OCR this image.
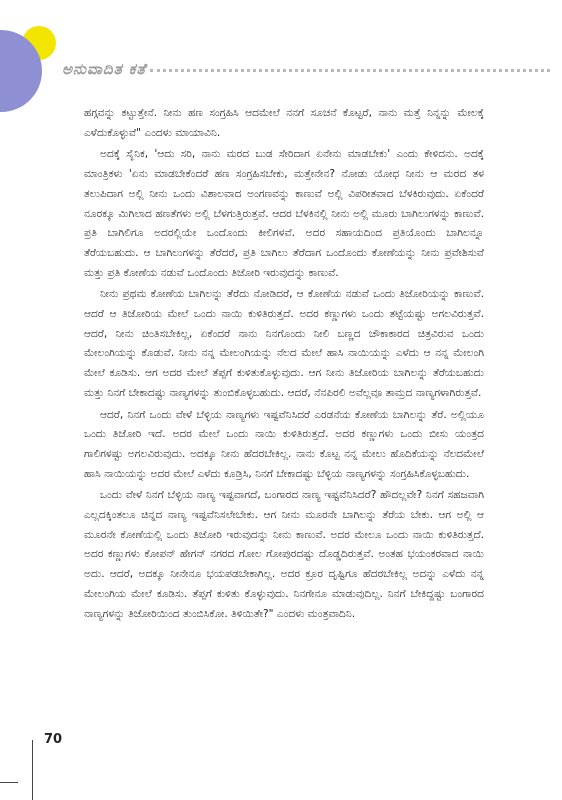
ಅನುವಾದಿತ ಕತೆ

ಹಗ್ಗವನ್ನು ಕಟ್ಟುತ್ತೇನೆ. ನೀನು ಹಣ ಸಂಗ್ರಹಿಸಿ ಆದಮೇಲೆ ನನಗೆ ಸೂಚನೆ ಕೊಟ್ಟರೆ, ನಾನು ಮತ್ತೆ ನಿನ್ನನ್ನು ಮೇಲಕ್ಕೆ ಎಳೆದುಕೊಳ್ಳುವೆ" ಎಂದಳು ಮಾಯಾವಿನಿ.

ಅದಕ್ಕೆ ಸೈನಿಕ, 'ಆದು ಸರಿ, ನಾನು ಮರದ ಬುಡ ಸೇರಿದಾಗ ಏನೇನು ಮಾಡಬೇಕು' ಎಂದು ಕೇಳಿದನು. ಅದಕ್ಕೆ ಮಾಂತ್ರಿಕಳು 'ಏನು ಮಾಡಬೇಕೆಂದರೆ ಹಣ ಸಂಗ್ರಹಿಸಬೇಕು, ಮತ್ತೇನೇನ? ನೋಡು ಯೋಧ ನೀನು ಆ ಮರದ ತಳ ತಲುಪಿದಾಗ ಅಲ್ಲಿ ನೀನು ಒಂದು ವಿಶಾಲವಾದ ಅಂಗಣವನ್ನು ಕಾಣುವೆ ಅಲ್ಲಿ ವಿಪರೀತವಾದ ಬೆಳಕಿರುವುದು. ಏಕೆಂದರೆ ನೂರಕ್ಕೂ ಮಿಗಿಲಾದ ಹಣತೆಗಳು ಅಲ್ಲಿ ಬೆಳಗುತ್ತಿರುತ್ತವೆ. ಆದರ ಬೆಳಕಿನಲ್ಲಿ ನೀನು ಅಲ್ಲಿ ಮೂರು ಬಾಗಿಲುಗಳನ್ನು ಕಾಣುವೆ. ಪ್ರತಿ ಬಾಗಿಲಿಗೂ ಅದರಲ್ಲಿಯೇ ಒಂದೊಂದು ಕೀಲಿಗಳವೆ. ಅದರ ಸಹಾಯದಿಂದ ಪ್ರತಿಯೊಂದು ಬಾಗಿಲನ್ನೂ ತೆರೆಯಬಹುದು. ಆ ಬಾಗಿಲುಗಳನ್ನು ತೆರೆದರೆ, ಪ್ರತಿ ಬಾಗಿಲು ತೆರೆದಾಗ ಒಂದೊಂದು ಕೋಣೆಯನ್ನು ನೀನು ಪ್ರವೇಶಿಸುವೆ ಮತ್ತು ಪ್ರತಿ ಕೋಣೆಯ ನಡುವೆ ಒಂದೊಂದು ತಿಜೋರಿ ಇರುವುದನ್ನು ಕಾಣುವೆ.

ನೀನು ಪ್ರಥಮ ಕೋಣೆಯ ಬಾಗಿಲನ್ನು ತೆರೆದು ನೋಡಿದರೆ, ಆ ಕೋಣೆಯ ನಡುವೆ ಒಂದು ತಿಜೋರಿಯನ್ನು ಕಾಣುವೆ. ಆದರೆ ಆ ತಿಜೋರಿಯ ಮೇಲೆ ಒಂದು ನಾಯಿ ಕುಳಿತಿರುತ್ತದೆ. ಅದರ ಕಣ್ಣುಗಳು ಒಂದು ತಟ್ಟೆಯಷ್ಟು ಅಗಲವಿರುತ್ತವೆ. ಆದರೆ, ನೀನು ಚಿಂತಿಸಬೇಕಿಲ್ಲ, ಏಕೆಂದರೆ ನಾನು ನಿನಗೊಂದು ನೀಲಿ ಬಣ್ಣದ ಚೌಕಾಕಾರದ ಚಿತ್ರವಿರುವ ಒಂದು ಮೇಲಂಗಿಯನ್ನು ಕೊಡುವೆ. ನೀನು ನನ್ನ ಮೇಲಂಗಿಯನ್ನು ನೆಲದ ಮೇಲೆ ಹಾಸಿ ನಾಯಿಯನ್ನು ಎಳೆದು ಆ ನನ್ನ ಮೇಲಂಗಿ ಮೇಲೆ ಕೂಡಿಸು. ಆಗ ಅದರ ಮೇಲೆ ತೆಪ್ಪಗೆ ಕುಳಿತುಕೊಳ್ಳುವುದು. ಆಗ ನೀನು ತಿಜೋರಿಯ ಬಾಗಿಲನ್ನು ತೆರೆಯಬಹುದು ಮತ್ತು ನಿನಗೆ ಬೇಕಾದಷ್ಟು ನಾಣ್ಯಗಳನ್ನು ತುಂಬಿಕೊಳ್ಳಬಹುದು. ಆದರೆ, ನೆನಪಿರಲಿ ಅವೆಲ್ಲವೂ ತಾಮ್ರದ ನಾಣ್ಯಗಳಾಗಿರುತ್ತವೆ.

ಆದರೆ, ನಿನಗೆ ಒಂದು ವೇಳೆ ಬೆಳ್ಳಿಯ ನಾಣ್ಯಗಳು ಇಷ್ಟವೆನಿಸಿದರೆ ಎರಡನೆಯ ಕೋಣೆಯ ಬಾಗಿಲನ್ನು ತೆರೆ. ಅಲ್ಲಿಯೂ ಒಂದು ತಿಜೋರಿ ಇದೆ. ಅದರ ಮೇಲೆ ಒಂದು ನಾಯಿ ಕುಳಿತಿರುತ್ತದೆ. ಅದರ ಕಣ್ಣುಗಳು ಒಂದು ಬೀಸು ಯಂತ್ರದ ಗಾಲಿಗಳಷ್ಟು ಅಗಲವಿರುವುದು. ಅದಕ್ಕೂ ನೀನು ಹೆದರಬೇಕಿಲ್ಲ. ನಾನು ಕೊಟ್ಟ ನನ್ನ ಮೇಲು ಹೊದಿಕೆಯನ್ನು ನೆಲದಮೇಲೆ ಹಾಸಿ ನಾಯಿಯನ್ನು ಅದರ ಮೇಲೆ ಎಳೆದು ಕೂಡ್ರಿಸಿ, ನಿನಗೆ ಬೇಕಾದಷ್ಟು ಬೆಳ್ಳಿಯ ನಾಣ್ಯಗಳನ್ನು ಸಂಗ್ರಹಿಸಿಕೊಳ್ಳಬಹುದು.

ಒಂದು ವೇಳೆ ನಿನಗೆ ಬೆಳ್ಳಿಯ ನಾಣ್ಯ ಇಷ್ಟವಾಗದೆ, ಬಂಗಾರದ ನಾಣ್ಯ ಇಷ್ಟವೆನಿಸಿದರೆ? ಹೌದಲ್ಲವೇ? ನಿನಗೆ ಸಹಜವಾಗಿ ಎಲ್ಲದಕ್ಕಿಂತಲೂ ಚಿನ್ನದ ನಾಣ್ಯ ಇಷ್ಟವೆನಿಸಲೇಬೇಕು. ಆಗ ನೀನು ಮೂರನೇ ಬಾಗಿಲನ್ನು ತೆರೆಯ ಬೇಕು. ಆಗ ಅಲ್ಲಿ ಆ ಮೂರನೇ ಕೋಣೆಯಲ್ಲಿ ಒಂದು ತಿಜೋರಿ ಇರುವುದನ್ನು ನೀನು ಕಾಣುವೆ. ಅದರ ಮೇಲೂ ಒಂದು ನಾಯಿ ಕುಳಿತಿರುತ್ತದೆ. ಅದರ ಕಣ್ಣುಗಳು ಕೋಪನ್ ಹೇಗನ್ ನಗರದ ಗೋಲ ಗೋಪುರದಷ್ಟು ದೊಡ್ಡದಿರುತ್ತವೆ. ಅಂತಹ ಭಯಂಕರವಾದ ನಾಯಿ ಅದು. ಆದರೆ, ಅದಕ್ಕೂ ನೀನೇನೂ ಭಯಪಡಬೇಕಾಗಿಲ್ಲ. ಅದರ ಕ್ರೂರ ದೃಷ್ಟಿಗೂ ಹೆದರಬೇಕಿಲ್ಲ ಅದನ್ನು ಎಳೆದು ನನ್ನ ಮೇಲಂಗಿಯ ಮೇಲೆ ಕೂಡಿಸು. ತೆಪ್ಪಗೆ ಕುಳಿತು ಕೊಳ್ಳುವುದು. ನಿನಗೇನೂ ಮಾಡುವುದಿಲ್ಲ. ನಿನಗೆ ಬೇಕಿದ್ದಷ್ಟು ಬಂಗಾರದ ನಾಣ್ಯಗಳನ್ನು ತಿಜೋರಿಯಿಂದ ತುಂಬಿಸಿಕೋ. ತಿಳಿಯಿತೇ?" ಎಂದಳು ಮಂತ್ರವಾದಿನಿ.

70
